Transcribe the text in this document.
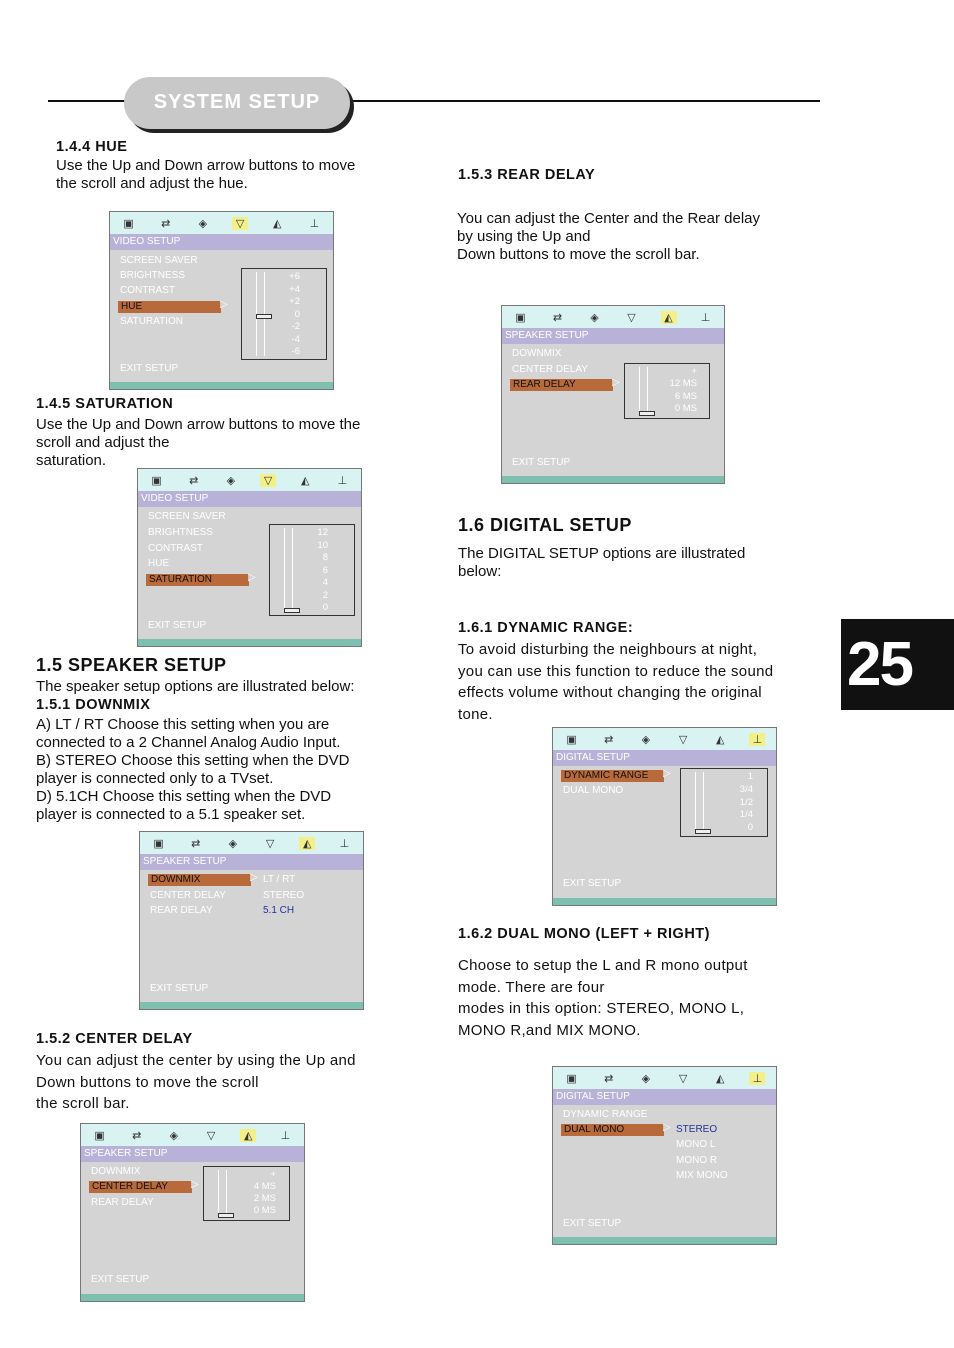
SYSTEM SETUP
25
1.4.4 HUE
Use the Up and Down arrow buttons to move
the scroll and adjust the hue.
▣	⇄	◈	▽	◭	⊥
VIDEO SETUP
SCREEN SAVER
BRIGHTNESS
CONTRAST
HUE	▷
SATURATION
EXIT SETUP
+6
+4
+2
0
-2
-4
-6
1.4.5 SATURATION
Use the Up and Down arrow buttons to move the
scroll and adjust the
saturation.
▣	⇄	◈	▽	◭	⊥
VIDEO SETUP
SCREEN SAVER
BRIGHTNESS
CONTRAST
HUE
SATURATION	▷
EXIT SETUP
12
10
8
6
4
2
0
1.5 SPEAKER SETUP
The speaker setup options are illustrated below:
1.5.1 DOWNMIX
A) LT / RT Choose this setting when you are
connected to a 2 Channel Analog Audio Input.
B) STEREO Choose this setting when the DVD
player is connected only to a TVset.
D) 5.1CH Choose this setting when the DVD
player is connected to a 5.1 speaker set.
▣	⇄	◈	▽	◭	⊥
SPEAKER SETUP
DOWNMIX	▷
CENTER DELAY
REAR DELAY
LT / RT
STEREO
5.1 CH
EXIT SETUP
1.5.2 CENTER DELAY
You can adjust the center by using the Up and
Down buttons to move the scroll
the scroll bar.
▣	⇄	◈	▽	◭	⊥
SPEAKER SETUP
DOWNMIX
CENTER DELAY	▷
REAR DELAY
EXIT SETUP
+
4 MS
2 MS
0 MS
1.5.3 REAR DELAY
You can adjust the Center and the Rear delay
by using the Up and
Down buttons to move the scroll bar.
▣	⇄	◈	▽	◭	⊥
SPEAKER SETUP
DOWNMIX
CENTER DELAY
REAR DELAY	▷
EXIT SETUP
+
12 MS
6 MS
0 MS
1.6 DIGITAL SETUP
The DIGITAL SETUP options are illustrated
below:
1.6.1 DYNAMIC RANGE:
To avoid disturbing the neighbours at night,
you can use this function to reduce the sound
effects volume without changing the original
tone.
▣	⇄	◈	▽	◭	⊥
DIGITAL SETUP
DYNAMIC RANGE	▷
DUAL MONO
EXIT SETUP
1
3/4
1/2
1/4
0
1.6.2 DUAL MONO (LEFT + RIGHT)
Choose to setup the L and R mono output
mode. There are four
modes in this option: STEREO, MONO L,
MONO R,and MIX MONO.
▣	⇄	◈	▽	◭	⊥
DIGITAL SETUP
DYNAMIC RANGE
DUAL MONO	▷ STEREO
MONO L
MONO R
MIX MONO
EXIT SETUP
